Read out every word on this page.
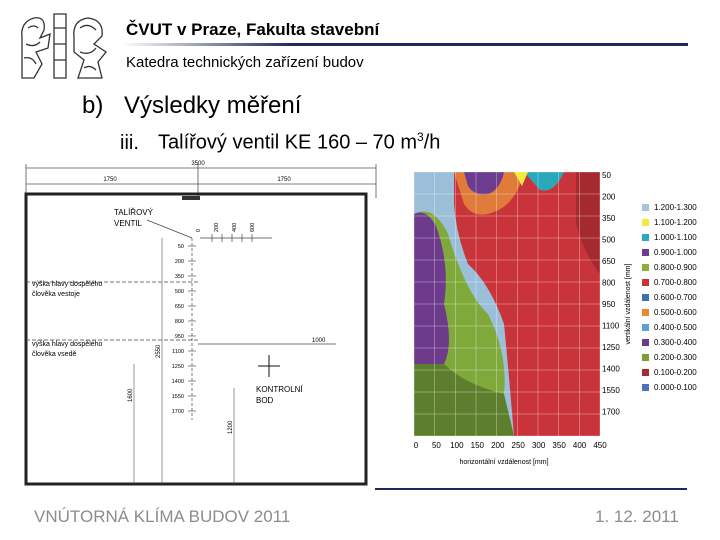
ČVUT v Praze, Fakulta stavební
Katedra technických zařízení budov
b) Výsledky měření
iii. Talířový ventil KE 160 – 70 $m^3/h$
3500
1750	1750
TALÍŘOVÝ
VENTIL
0 200 400 600
50
200
350
500
650
800
950
1100
1250
1400
1550
1700
výška hlavy dospělého
člověka vestoje
výška hlavy dospělého
člověka vsedě
1000
2550
1600
1200
KONTROLNÍ
BOD
0 50 100 150 200 250 300 350 400 450
horizontální vzdálenost [mm]
50
200
350
500
650
800
950
1100
1250
1400
1550
1700
vertikální vzdálenost [mm]
1.200-1.300
1.100-1.200
1.000-1.100
0.900-1.000
0.800-0.900
0.700-0.800
0.600-0.700
0.500-0.600
0.400-0.500
0.300-0.400
0.200-0.300
0.100-0.200
0.000-0.100
VNÚTORNÁ KLÍMA BUDOV 2011	1. 12. 2011
